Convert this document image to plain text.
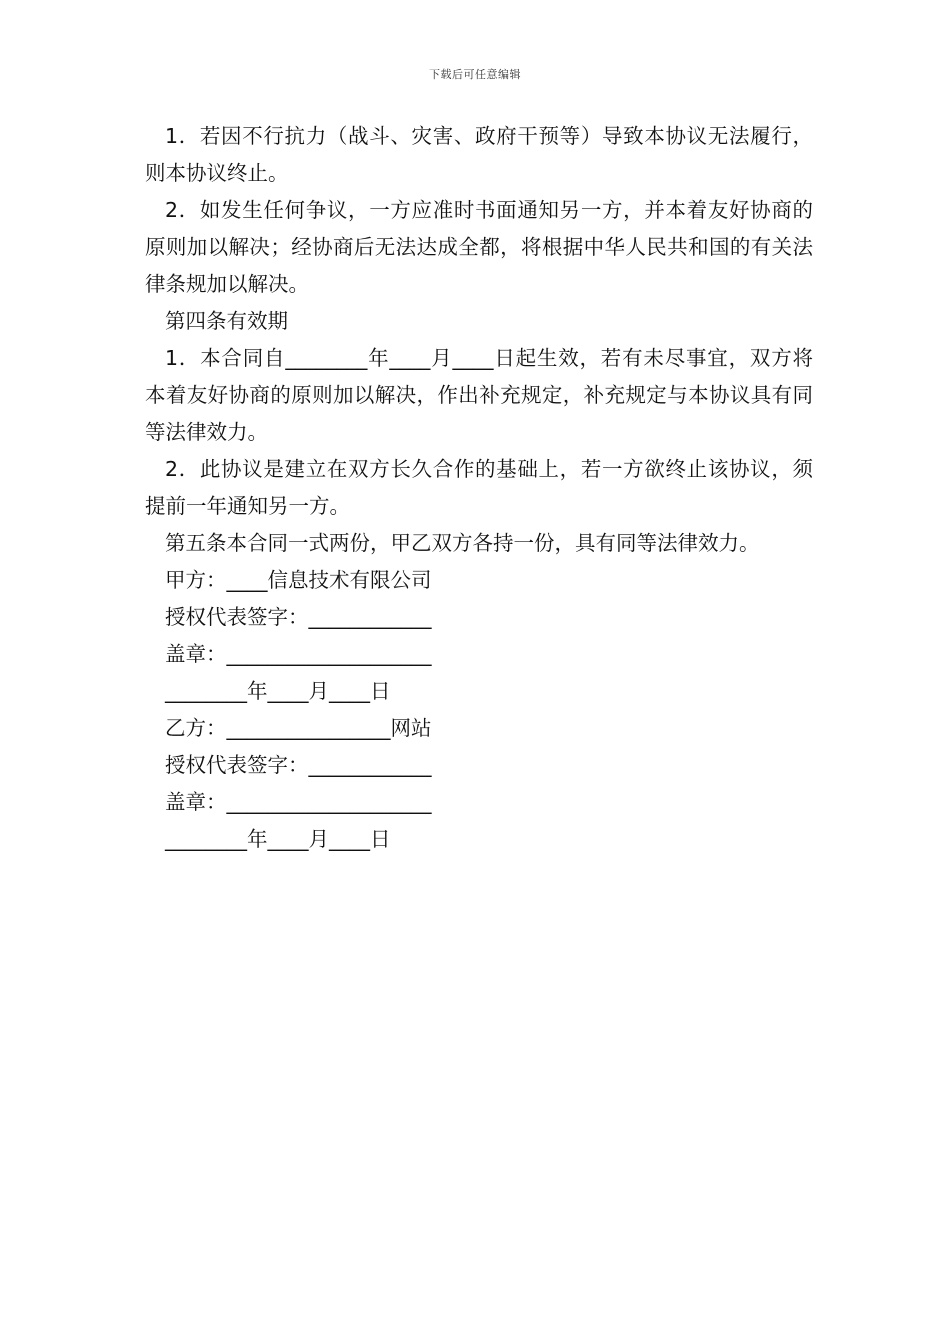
下载后可任意编辑

1．若因不行抗力（战斗、灾害、政府干预等）导致本协议无法履行，则本协议终止。

2．如发生任何争议，一方应准时书面通知另一方，并本着友好协商的原则加以解决；经协商后无法达成全都，将根据中华人民共和国的有关法律条规加以解决。

第四条有效期

1．本合同自________年____月____日起生效，若有未尽事宜，双方将本着友好协商的原则加以解决，作出补充规定，补充规定与本协议具有同等法律效力。

2．此协议是建立在双方长久合作的基础上，若一方欲终止该协议，须提前一年通知另一方。

第五条本合同一式两份，甲乙双方各持一份，具有同等法律效力。

甲方：____信息技术有限公司

授权代表签字：____________

盖章：____________________

________年____月____日

乙方：________________网站

授权代表签字：____________

盖章：____________________

________年____月____日
